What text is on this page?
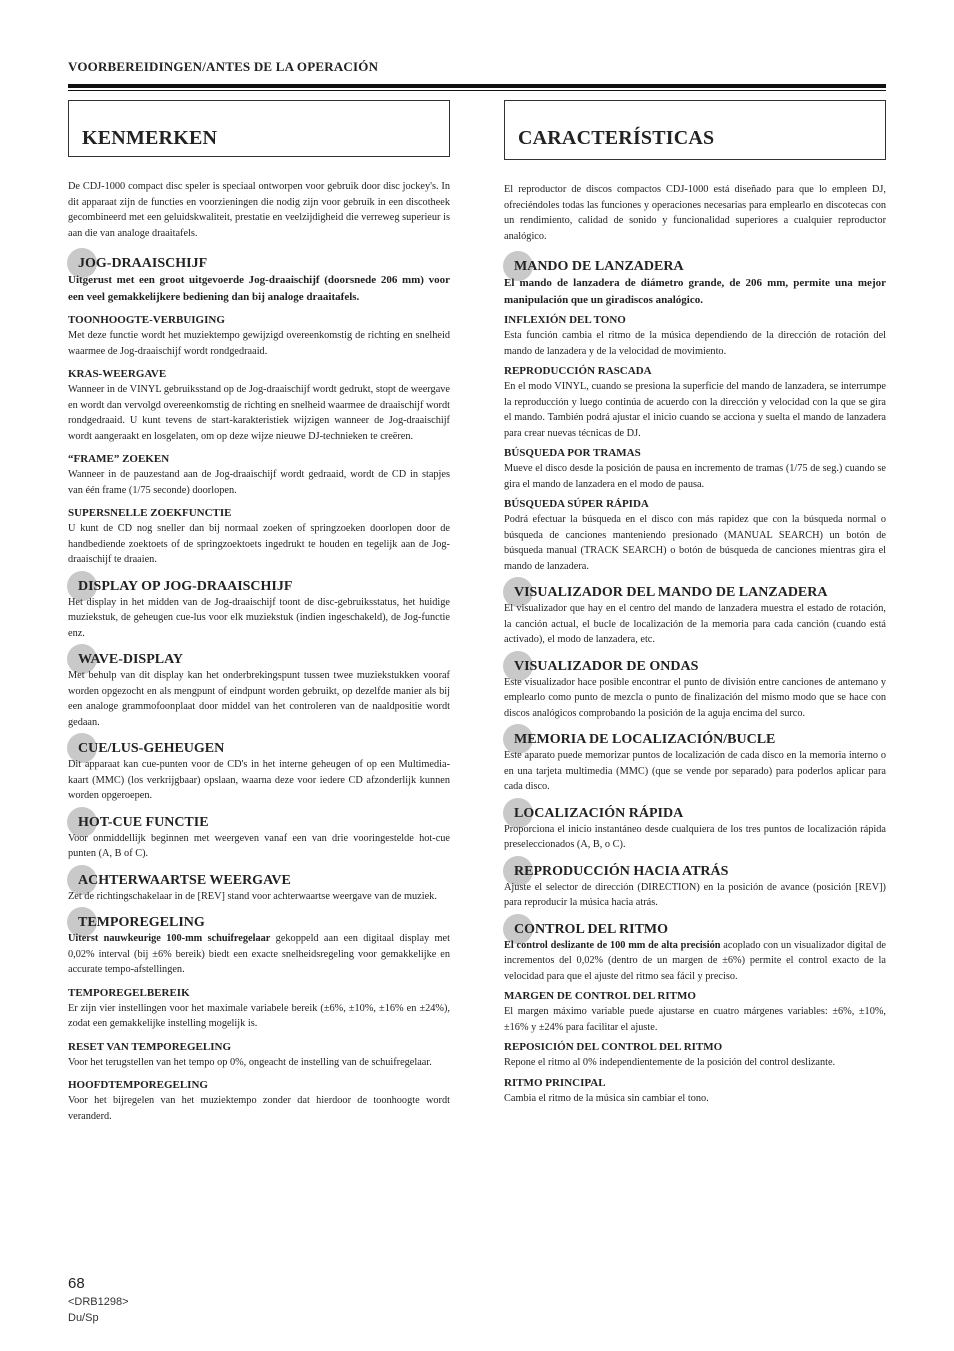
VOORBEREIDINGEN/ANTES DE LA OPERACIÓN
KENMERKEN

De CDJ-1000 compact disc speler is speciaal ontworpen voor gebruik door disc jockey's. In dit apparaat zijn de functies en voorzieningen die nodig zijn voor gebruik in een discotheek gecombineerd met een geluidskwaliteit, prestatie en veelzijdigheid die verreweg superieur is aan die van analoge draaitafels.

JOG-DRAAISCHIJF

Uitgerust met een groot uitgevoerde Jog-draaischijf (doorsnede 206 mm) voor een veel gemakkelijkere bediening dan bij analoge draaitafels.

TOONHOOGTE-VERBUIGING

Met deze functie wordt het muziektempo gewijzigd overeenkomstig de richting en snelheid waarmee de Jog-draaischijf wordt rondgedraaid.

KRAS-WEERGAVE

Wanneer in de VINYL gebruiksstand op de Jog-draaischijf wordt gedrukt, stopt de weergave en wordt dan vervolgd overeenkomstig de richting en snelheid waarmee de draaischijf wordt rondgedraaid. U kunt tevens de start-karakteristiek wijzigen wanneer de Jog-draaischijf wordt aangeraakt en losgelaten, om op deze wijze nieuwe DJ-technieken te creëren.

“FRAME” ZOEKEN

Wanneer in de pauzestand aan de Jog-draaischijf wordt gedraaid, wordt de CD in stapjes van één frame (1/75 seconde) doorlopen.

SUPERSNELLE ZOEKFUNCTIE

U kunt de CD nog sneller dan bij normaal zoeken of springzoeken doorlopen door de handbediende zoektoets of de springzoektoets ingedrukt te houden en tegelijk aan de Jog-draaischijf te draaien.

DISPLAY OP JOG-DRAAISCHIJF

Het display in het midden van de Jog-draaischijf toont de disc-gebruiksstatus, het huidige muziekstuk, de geheugen cue-lus voor elk muziekstuk (indien ingeschakeld), de Jog-functie enz.

WAVE-DISPLAY

Met behulp van dit display kan het onderbrekingspunt tussen twee muziekstukken vooraf worden opgezocht en als mengpunt of eindpunt worden gebruikt, op dezelfde manier als bij een analoge grammofoonplaat door middel van het controleren van de naaldpositie wordt gedaan.

CUE/LUS-GEHEUGEN

Dit apparaat kan cue-punten voor de CD's in het interne geheugen of op een Multimedia-kaart (MMC) (los verkrijgbaar) opslaan, waarna deze voor iedere CD afzonderlijk kunnen worden opgeroepen.

HOT-CUE FUNCTIE

Voor onmiddellijk beginnen met weergeven vanaf een van drie vooringestelde hot-cue punten (A, B of C).

ACHTERWAARTSE WEERGAVE

Zet de richtingschakelaar in de [REV] stand voor achterwaartse weergave van de muziek.

TEMPOREGELING

Uiterst nauwkeurige 100-mm schuifregelaar gekoppeld aan een digitaal display met 0,02% interval (bij ±6% bereik) biedt een exacte snelheidsregeling voor gemakkelijke en accurate tempo-afstellingen.

TEMPOREGELBEREIK

Er zijn vier instellingen voor het maximale variabele bereik (±6%, ±10%, ±16% en ±24%), zodat een gemakkelijke instelling mogelijk is.

RESET VAN TEMPOREGELING

Voor het terugstellen van het tempo op 0%, ongeacht de instelling van de schuifregelaar.

HOOFDTEMPOREGELING

Voor het bijregelen van het muziektempo zonder dat hierdoor de toonhoogte wordt veranderd.

CARACTERÍSTICAS

El reproductor de discos compactos CDJ-1000 está diseñado para que lo empleen DJ, ofreciéndoles todas las funciones y operaciones necesarias para emplearlo en discotecas con un rendimiento, calidad de sonido y funcionalidad superiores a cualquier reproductor analógico.

MANDO DE LANZADERA

El mando de lanzadera de diámetro grande, de 206 mm, permite una mejor manipulación que un giradiscos analógico.

INFLEXIÓN DEL TONO

Esta función cambia el ritmo de la música dependiendo de la dirección de rotación del mando de lanzadera y de la velocidad de movimiento.

REPRODUCCIÓN RASCADA

En el modo VINYL, cuando se presiona la superficie del mando de lanzadera, se interrumpe la reproducción y luego continúa de acuerdo con la dirección y velocidad con la que se gira el mando. También podrá ajustar el inicio cuando se acciona y suelta el mando de lanzadera para crear nuevas técnicas de DJ.

BÚSQUEDA POR TRAMAS

Mueve el disco desde la posición de pausa en incremento de tramas (1/75 de seg.) cuando se gira el mando de lanzadera en el modo de pausa.

BÚSQUEDA SÚPER RÁPIDA

Podrá efectuar la búsqueda en el disco con más rapidez que con la búsqueda normal o búsqueda de canciones manteniendo presionado (MANUAL SEARCH) un botón de búsqueda manual (TRACK SEARCH) o botón de búsqueda de canciones mientras gira el mando de lanzadera.

VISUALIZADOR DEL MANDO DE LANZADERA

El visualizador que hay en el centro del mando de lanzadera muestra el estado de rotación, la canción actual, el bucle de localización de la memoria para cada canción (cuando está activado), el modo de lanzadera, etc.

VISUALIZADOR DE ONDAS

Este visualizador hace posible encontrar el punto de división entre canciones de antemano y emplearlo como punto de mezcla o punto de finalización del mismo modo que se hace con discos analógicos comprobando la posición de la aguja encima del surco.

MEMORIA DE LOCALIZACIÓN/BUCLE

Este aparato puede memorizar puntos de localización de cada disco en la memoria interno o en una tarjeta multimedia (MMC) (que se vende por separado) para poderlos aplicar para cada disco.

LOCALIZACIÓN RÁPIDA

Proporciona el inicio instantáneo desde cualquiera de los tres puntos de localización rápida preseleccionados (A, B, o C).

REPRODUCCIÓN HACIA ATRÁS

Ajuste el selector de dirección (DIRECTION) en la posición de avance (posición [REV]) para reproducir la música hacia atrás.

CONTROL DEL RITMO

El control deslizante de 100 mm de alta precisión acoplado con un visualizador digital de incrementos del 0,02% (dentro de un margen de ±6%) permite el control exacto de la velocidad para que el ajuste del ritmo sea fácil y preciso.

MARGEN DE CONTROL DEL RITMO

El margen máximo variable puede ajustarse en cuatro márgenes variables: ±6%, ±10%, ±16% y ±24% para facilitar el ajuste.

REPOSICIÓN DEL CONTROL DEL RITMO

Repone el ritmo al 0% independientemente de la posición del control deslizante.

RITMO PRINCIPAL

Cambia el ritmo de la música sin cambiar el tono.

68
<DRB1298>
Du/Sp
